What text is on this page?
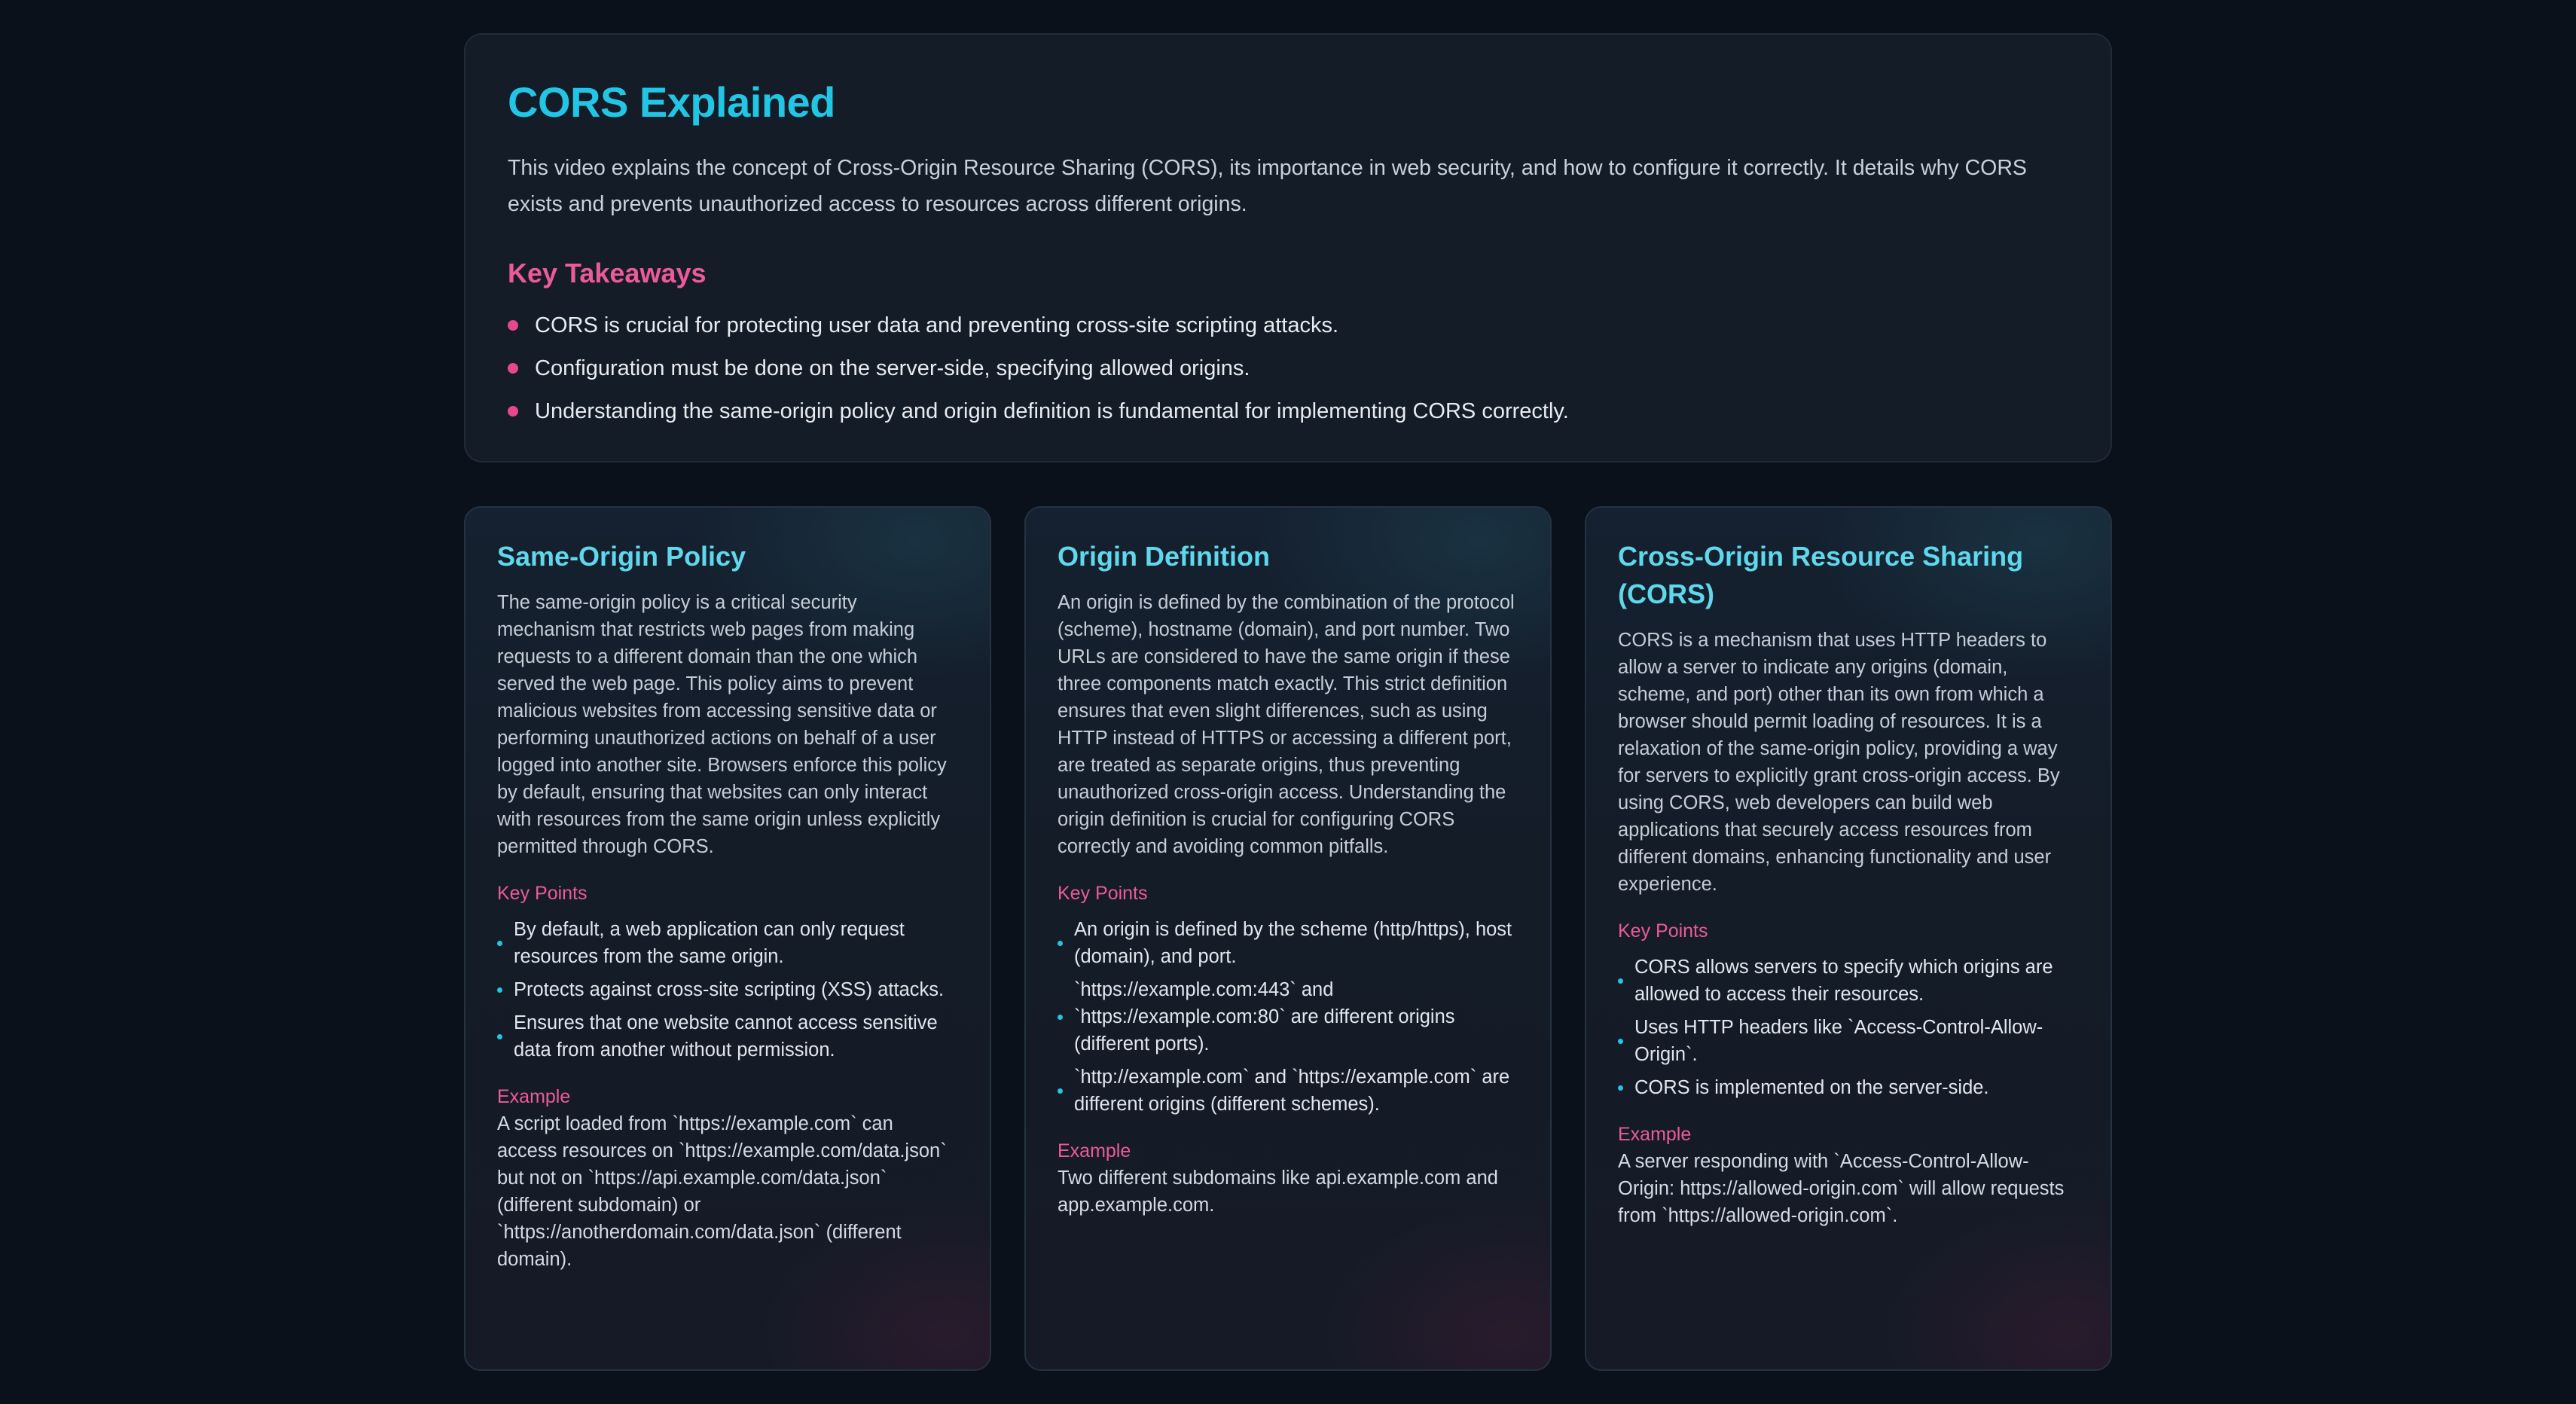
CORS Explained

This video explains the concept of Cross-Origin Resource Sharing (CORS), its importance in web security, and how to configure it correctly. It details why CORS exists and prevents unauthorized access to resources across different origins.

Key Takeaways
CORS is crucial for protecting user data and preventing cross-site scripting attacks.
Configuration must be done on the server-side, specifying allowed origins.
Understanding the same-origin policy and origin definition is fundamental for implementing CORS correctly.
Same-Origin Policy

The same-origin policy is a critical security mechanism that restricts web pages from making requests to a different domain than the one which served the web page. This policy aims to prevent malicious websites from accessing sensitive data or performing unauthorized actions on behalf of a user logged into another site. Browsers enforce this policy by default, ensuring that websites can only interact with resources from the same origin unless explicitly permitted through CORS.

Key Points
By default, a web application can only request resources from the same origin.
Protects against cross-site scripting (XSS) attacks.
Ensures that one website cannot access sensitive data from another without permission.
Example

A script loaded from `https://example.com` can access resources on `https://example.com/data.json` but not on `https://api.example.com/data.json` (different subdomain) or `https://anotherdomain.com/data.json` (different domain).

Origin Definition

An origin is defined by the combination of the protocol (scheme), hostname (domain), and port number. Two URLs are considered to have the same origin if these three components match exactly. This strict definition ensures that even slight differences, such as using HTTP instead of HTTPS or accessing a different port, are treated as separate origins, thus preventing unauthorized cross-origin access. Understanding the origin definition is crucial for configuring CORS correctly and avoiding common pitfalls.

Key Points
An origin is defined by the scheme (http/https), host (domain), and port.
`https://example.com:443` and `https://example.com:80` are different origins (different ports).
`http://example.com` and `https://example.com` are different origins (different schemes).
Example

Two different subdomains like api.example.com and app.example.com.

Cross-Origin Resource Sharing (CORS)

CORS is a mechanism that uses HTTP headers to allow a server to indicate any origins (domain, scheme, and port) other than its own from which a browser should permit loading of resources. It is a relaxation of the same-origin policy, providing a way for servers to explicitly grant cross-origin access. By using CORS, web developers can build web applications that securely access resources from different domains, enhancing functionality and user experience.

Key Points
CORS allows servers to specify which origins are allowed to access their resources.
Uses HTTP headers like `Access-Control-Allow-Origin`.
CORS is implemented on the server-side.
Example

A server responding with `Access-Control-Allow-Origin: https://allowed-origin.com` will allow requests from `https://allowed-origin.com`.
